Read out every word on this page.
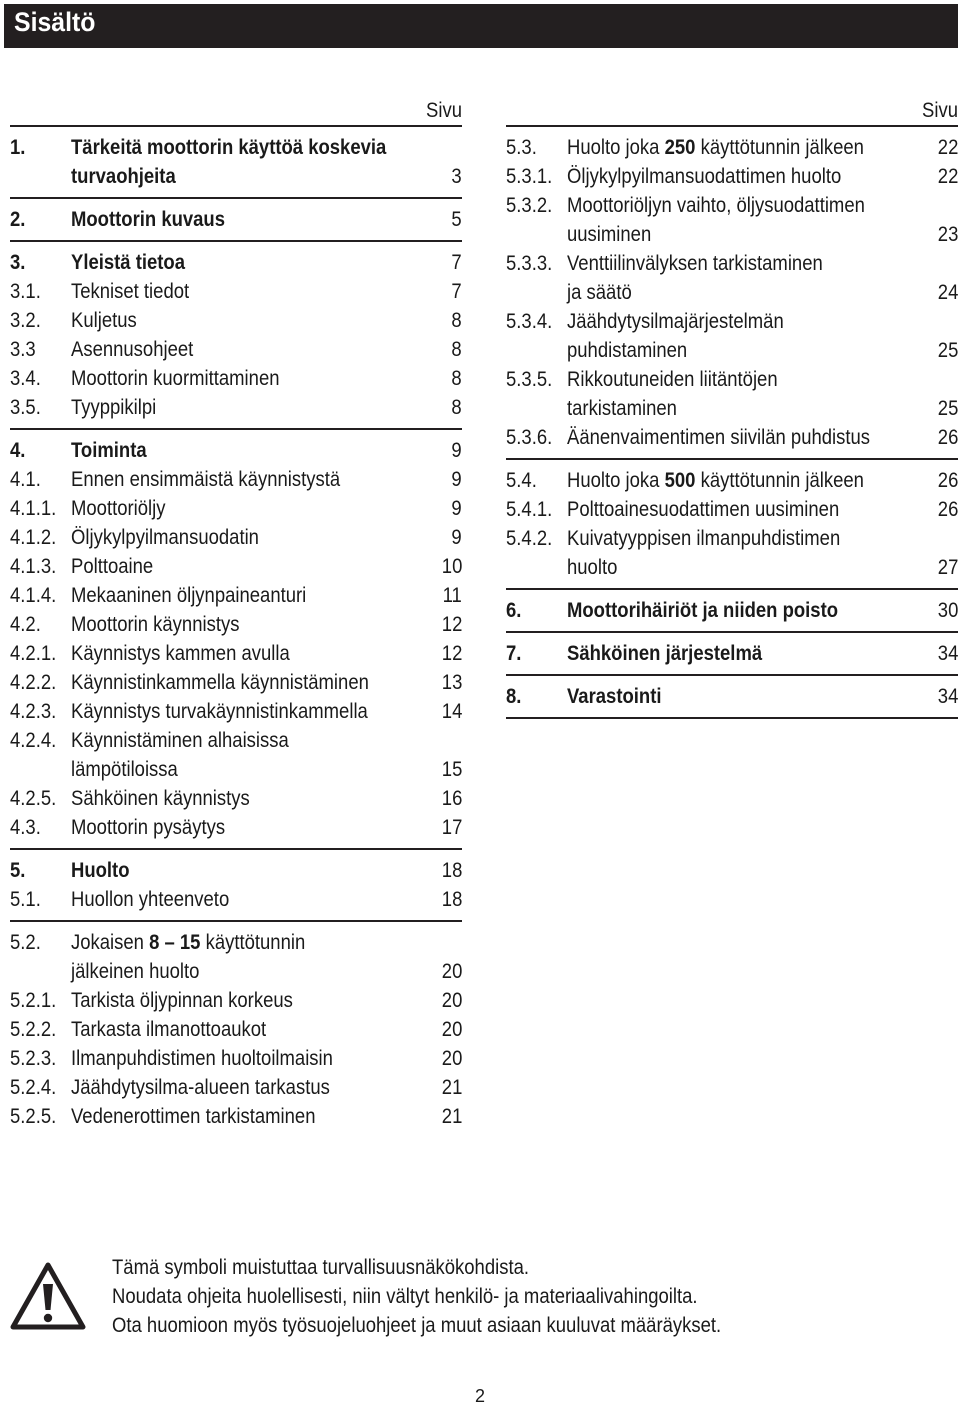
Sisältö
Sivu
1.	Tärkeitä moottorin käyttöä koskevia
turvaohjeita	3
2.	Moottorin kuvaus	5
3.	Yleistä tietoa	7
3.1.	Tekniset tiedot	7
3.2.	Kuljetus	8
3.3	Asennusohjeet	8
3.4.	Moottorin kuormittaminen	8
3.5.	Tyyppikilpi	8
4.	Toiminta	9
4.1.	Ennen ensimmäistä käynnistystä	9
4.1.1. Moottoriöljy	9
4.1.2. Öljykylpyilmansuodatin	9
4.1.3. Polttoaine	10
4.1.4. Mekaaninen öljynpaineanturi	11
4.2.	Moottorin käynnistys	12
4.2.1. Käynnistys kammen avulla	12
4.2.2. Käynnistinkammella käynnistäminen	13
4.2.3. Käynnistys turvakäynnistinkammella	14
4.2.4. Käynnistäminen alhaisissa
lämpötiloissa	15
4.2.5. Sähköinen käynnistys	16
4.3.	Moottorin pysäytys	17
5.	Huolto	18
5.1.	Huollon yhteenveto	18
5.2.	Jokaisen 8 – 15 käyttötunnin
jälkeinen huolto	20
5.2.1. Tarkista öljypinnan korkeus	20
5.2.2. Tarkasta ilmanottoaukot	20
5.2.3. Ilmanpuhdistimen huoltoilmaisin	20
5.2.4. Jäähdytysilma-alueen tarkastus	21
5.2.5. Vedenerottimen tarkistaminen	21
Sivu
5.3.	Huolto joka 250 käyttötunnin jälkeen	22
5.3.1. Öljykylpyilmansuodattimen huolto	22
5.3.2. Moottoriöljyn vaihto, öljysuodattimen
uusiminen	23
5.3.3. Venttiilinvälyksen tarkistaminen
ja säätö	24
5.3.4. Jäähdytysilmajärjestelmän
puhdistaminen	25
5.3.5. Rikkoutuneiden liitäntöjen
tarkistaminen	25
5.3.6. Äänenvaimentimen siivilän puhdistus	26
5.4.	Huolto joka 500 käyttötunnin jälkeen	26
5.4.1. Polttoainesuodattimen uusiminen	26
5.4.2. Kuivatyyppisen ilmanpuhdistimen
huolto	27
6.	Moottorihäiriöt ja niiden poisto	30
7.	Sähköinen järjestelmä	34
8.	Varastointi	34
Tämä symboli muistuttaa turvallisuusnäkökohdista.
Noudata ohjeita huolellisesti, niin vältyt henkilö- ja materiaalivahingoilta.
Ota huomioon myös työsuojeluohjeet ja muut asiaan kuuluvat määräykset.
2
